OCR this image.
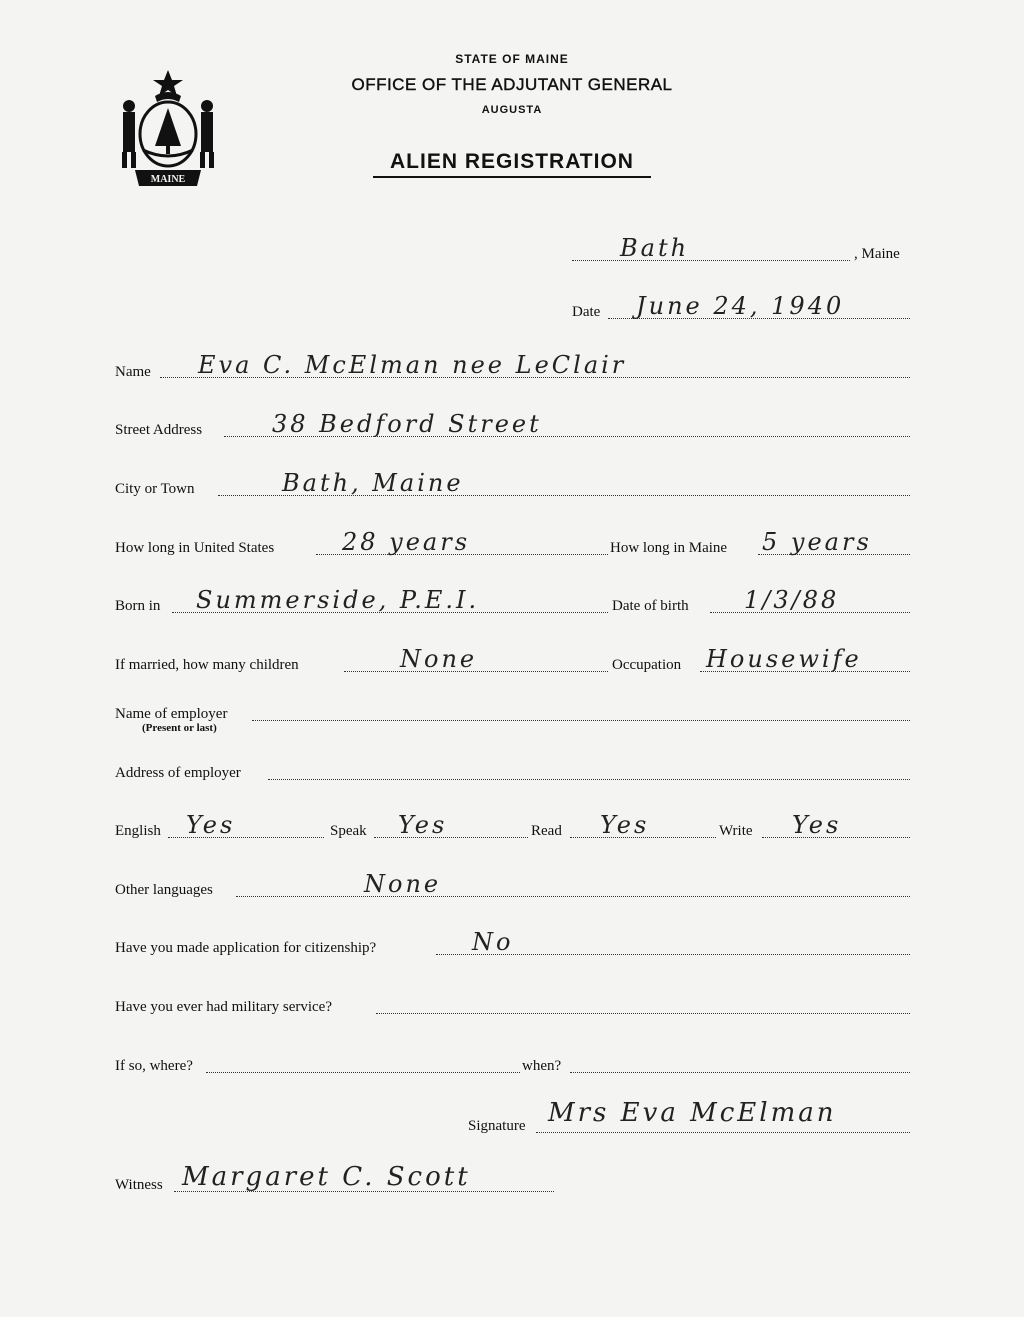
MAINE
STATE OF MAINE
OFFICE OF THE ADJUTANT GENERAL
AUGUSTA
ALIEN REGISTRATION
Bath	, Maine
Date June 24, 1940
Name Eva C. McElman nee LeClair
Street Address	38 Bedford Street
City or Town	Bath, Maine
How long in United States	28 years	How long in Maine 5 years
Born in Summerside, P.E.I.	Date of birth 1/3/88
If married, how many children	None	Occupation Housewife
Name of employer
(Present or last)
Address of employer
English Yes	Speak Yes	Read Yes	Write Yes
Other languages	None
Have you made application for citizenship?	No
Have you ever had military service?
If so, where?	when?
Signature Mrs Eva McElman
Witness Margaret C. Scott
